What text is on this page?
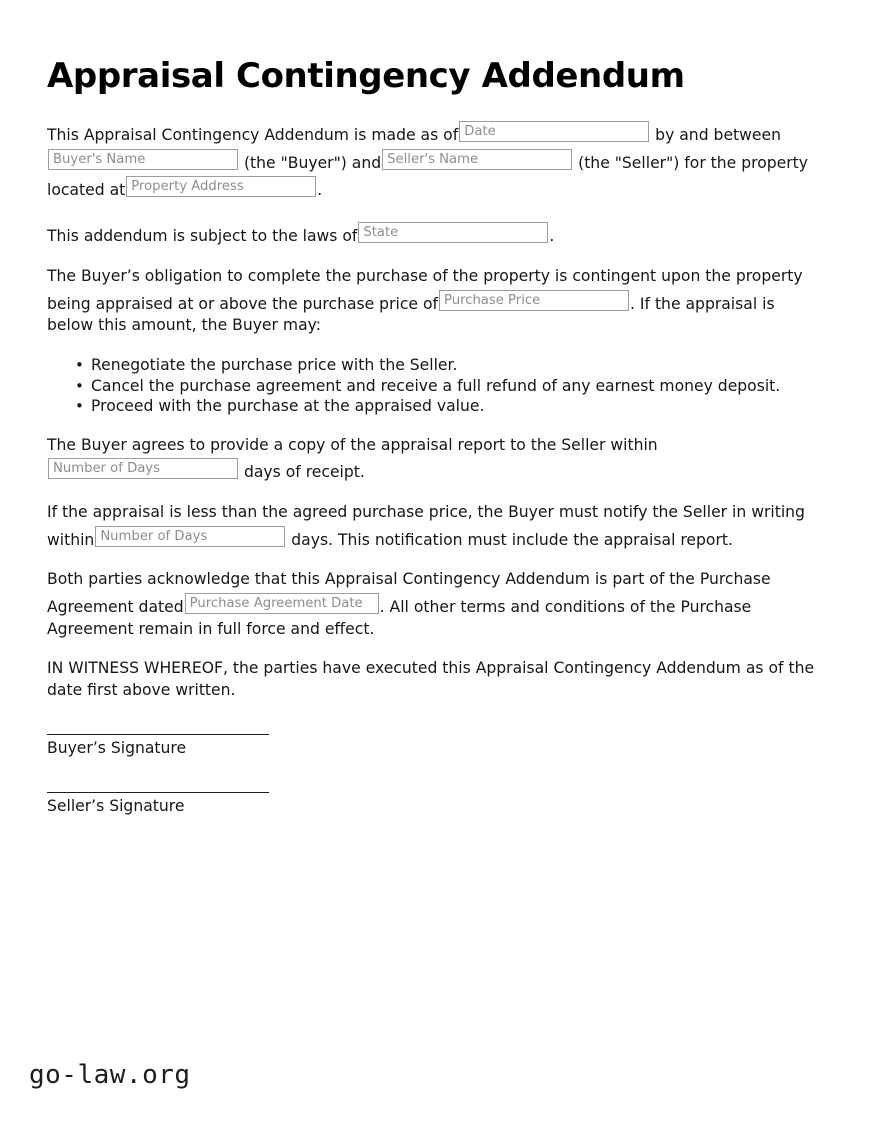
Appraisal Contingency Addendum

This Appraisal Contingency Addendum is made as of Date	by and betweenBuyer's Name	(the "Buyer") and Seller's Name	(the "Seller") for the property located at Property Address	.

This addendum is subject to the laws of State	.

The Buyer’s obligation to complete the purchase of the property is contingent upon the property being appraised at or above the purchase price of Purchase Price	. If the appraisal is below this amount, the Buyer may:

• Renegotiate the purchase price with the Seller.
• Cancel the purchase agreement and receive a full refund of any earnest money deposit.
• Proceed with the purchase at the appraised value.

The Buyer agrees to provide a copy of the appraisal report to the Seller within Number of Days	days of receipt.

If the appraisal is less than the agreed purchase price, the Buyer must notify the Seller in writing within Number of Days	days. This notification must include the appraisal report.

Both parties acknowledge that this Appraisal Contingency Addendum is part of the Purchase Agreement dated Purchase Agreement Date . All other terms and conditions of the Purchase Agreement remain in full force and effect.

IN WITNESS WHEREOF, the parties have executed this Appraisal Contingency Addendum as of the date first above written.

Buyer’s Signature
Seller’s Signature
go-law.org
